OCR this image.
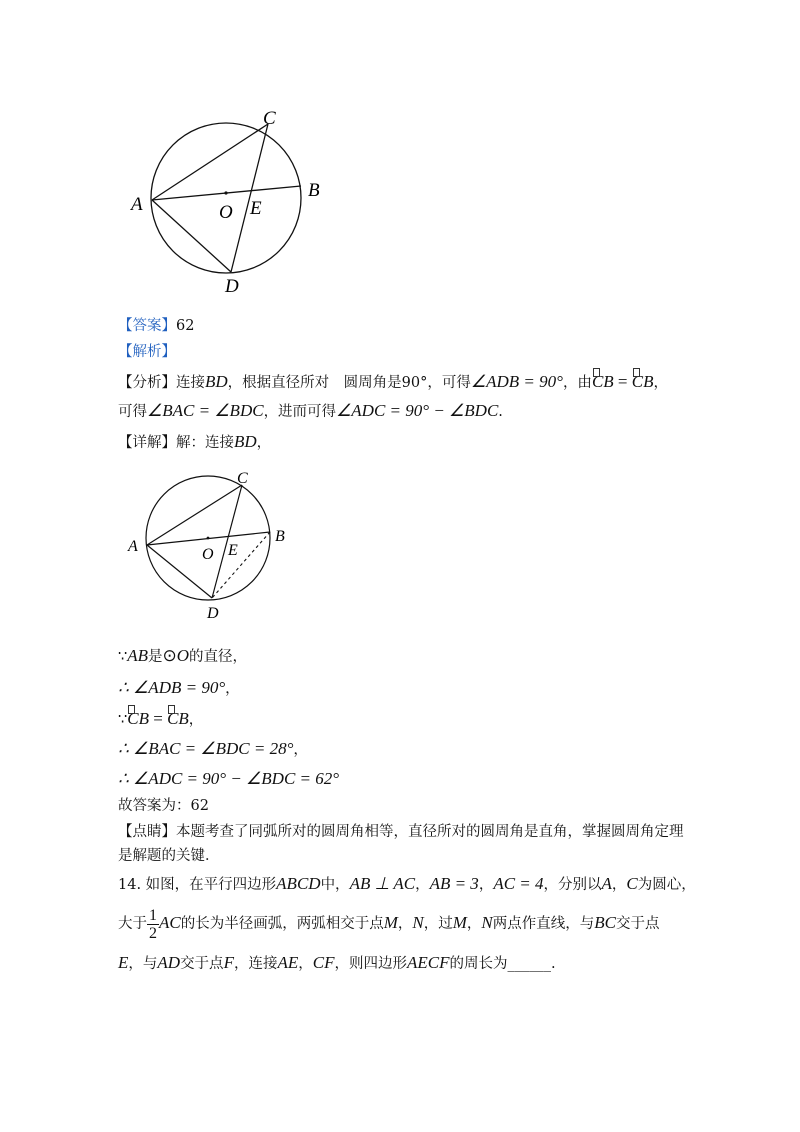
A
C
B
D
O E
【答案】62
【解析】
【分析】连接BD，根据直径所对　圆周角是90°，可得∠ADB = 90°，由CB = CB，
可得∠BAC = ∠BDC，进而可得∠ADC = 90° − ∠BDC.
【详解】解：连接BD，
A
C
B
D
O E
∵AB是⊙O的直径，
∴ ∠ADB = 90°，
∵CB = CB，
∴ ∠BAC = ∠BDC = 28°，
∴ ∠ADC = 90° − ∠BDC = 62°
故答案为：62
【点睛】本题考查了同弧所对的圆周角相等，直径所对的圆周角是直角，掌握圆周角定理
是解题的关键．
14. 如图，在平行四边形ABCD中，AB ⊥ AC，AB = 3，AC = 4，分别以A，C为圆心，
大于 $\frac{1}{2}$ AC的长为半径画弧，两弧相交于点M，N，过M，N两点作直线，与BC交于点
E，与AD交于点F，连接AE，CF，则四边形AECF的周长为______.
